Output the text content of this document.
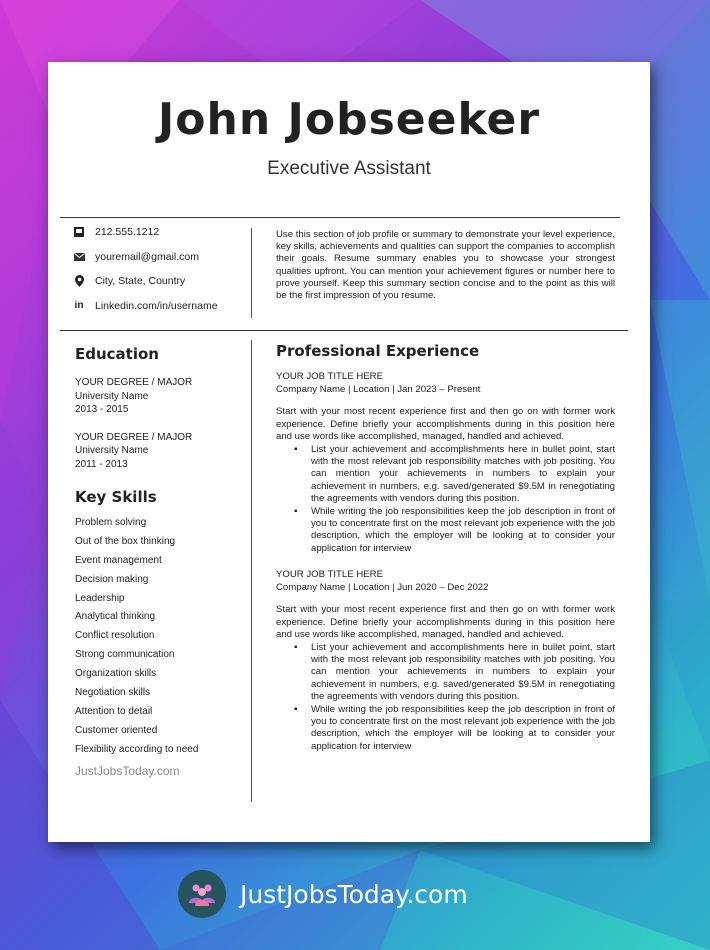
John Jobseeker
Executive Assistant
212.555.1212
youremail@gmail.com
City, State, Country
in Linkedin.com/in/username
Use this section of job profile or summary to demonstrate your level experience, key skills, achievements and qualities can support the companies to accomplish their goals. Resume summary enables you to showcase your strongest qualities upfront. You can mention your achievement figures or number here to prove yourself. Keep this summary section concise and to the point as this will be the first impression of you resume.
Education
YOUR DEGREE / MAJOR
University Name
2013 - 2015
YOUR DEGREE / MAJOR
University Name
2011 - 2013
Key Skills
Problem solving
Out of the box thinking
Event management
Decision making
Leadership
Analytical thinking
Conflict resolution
Strong communication
Organization skills
Negotiation skills
Attention to detail
Customer oriented
Flexibility according to need
JustJobsToday.com
Professional Experience
YOUR JOB TITLE HERE
Company Name | Location | Jan 2023 – Present
Start with your most recent experience first and then go on with former work experience. Define briefly your accomplishments during in this position here and use words like accomplished, managed, handled and achieved.
▪ List your achievement and accomplishments here in bullet point, start with the most relevant job responsibility matches with job positing. You can mention your achievements in numbers to explain your achievement in numbers, e.g. saved/generated $9.5M in renegotiating the agreements with vendors during this position.
▪ While writing the job responsibilities keep the job description in front of you to concentrate first on the most relevant job experience with the job description, which the employer will be looking at to consider your application for interview
YOUR JOB TITLE HERE
Company Name | Location | Jun 2020 – Dec 2022
Start with your most recent experience first and then go on with former work experience. Define briefly your accomplishments during in this position here and use words like accomplished, managed, handled and achieved.
▪ List your achievement and accomplishments here in bullet point, start with the most relevant job responsibility matches with job positing. You can mention your achievements in numbers to explain your achievement in numbers, e.g. saved/generated $9.5M in renegotiating the agreements with vendors during this position.
▪ While writing the job responsibilities keep the job description in front of you to concentrate first on the most relevant job experience with the job description, which the employer will be looking at to consider your application for interview
JustJobsToday.com
